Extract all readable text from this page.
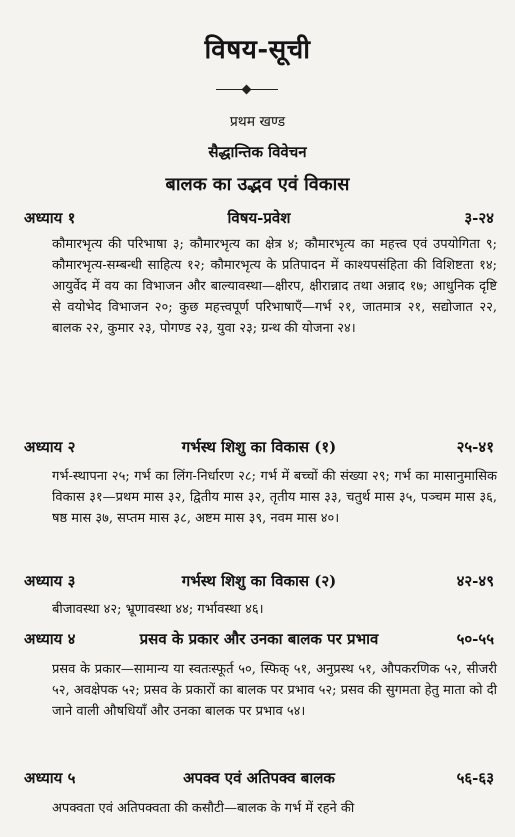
विषय-सूची
प्रथम खण्ड
सैद्धान्तिक विवेचन
बालक का उद्भव एवं विकास
अध्याय १	विषय-प्रवेश	३-२४
कौमारभृत्य की परिभाषा ३; कौमारभृत्य का क्षेत्र ४; कौमारभृत्य का महत्त्व एवं उपयोगिता ९; कौमारभृत्य-सम्बन्धी साहित्य १२; कौमारभृत्य के प्रतिपादन में काश्यपसंहिता की विशिष्टता १४; आयुर्वेद में वय का विभाजन और बाल्यावस्था—क्षीरप, क्षीरान्नाद तथा अन्नाद १७; आधुनिक दृष्टि से वयोभेद विभाजन २०; कुछ महत्त्वपूर्ण परिभाषाएँ—गर्भ २१, जातमात्र २१, सद्योजात २२, बालक २२, कुमार २३, पोगण्ड २३, युवा २३; ग्रन्थ की योजना २४।
अध्याय २	गर्भस्थ शिशु का विकास (१)	२५-४१
गर्भ-स्थापना २५; गर्भ का लिंग-निर्धारण २८; गर्भ में बच्चों की संख्या २९; गर्भ का मासानुमासिक विकास ३१—प्रथम मास ३२, द्वितीय मास ३२, तृतीय मास ३३, चतुर्थ मास ३५, पञ्चम मास ३६, षष्ठ मास ३७, सप्तम मास ३८, अष्टम मास ३९, नवम मास ४०।
अध्याय ३	गर्भस्थ शिशु का विकास (२)	४२-४९
बीजावस्था ४२; भ्रूणावस्था ४४; गर्भावस्था ४६।
अध्याय ४	प्रसव के प्रकार और उनका बालक पर प्रभाव	५०-५५
प्रसव के प्रकार—सामान्य या स्वतःस्फूर्त ५०, स्फिक् ५१, अनुप्रस्थ ५१, औपकरणिक ५२, सीजरी ५२, अवक्षेपक ५२; प्रसव के प्रकारों का बालक पर प्रभाव ५२; प्रसव की सुगमता हेतु माता को दी जाने वाली औषधियाँ और उनका बालक पर प्रभाव ५४।
अध्याय ५	अपक्व एवं अतिपक्व बालक	५६-६३
अपक्वता एवं अतिपक्वता की कसौटी—बालक के गर्भ में रहने की
